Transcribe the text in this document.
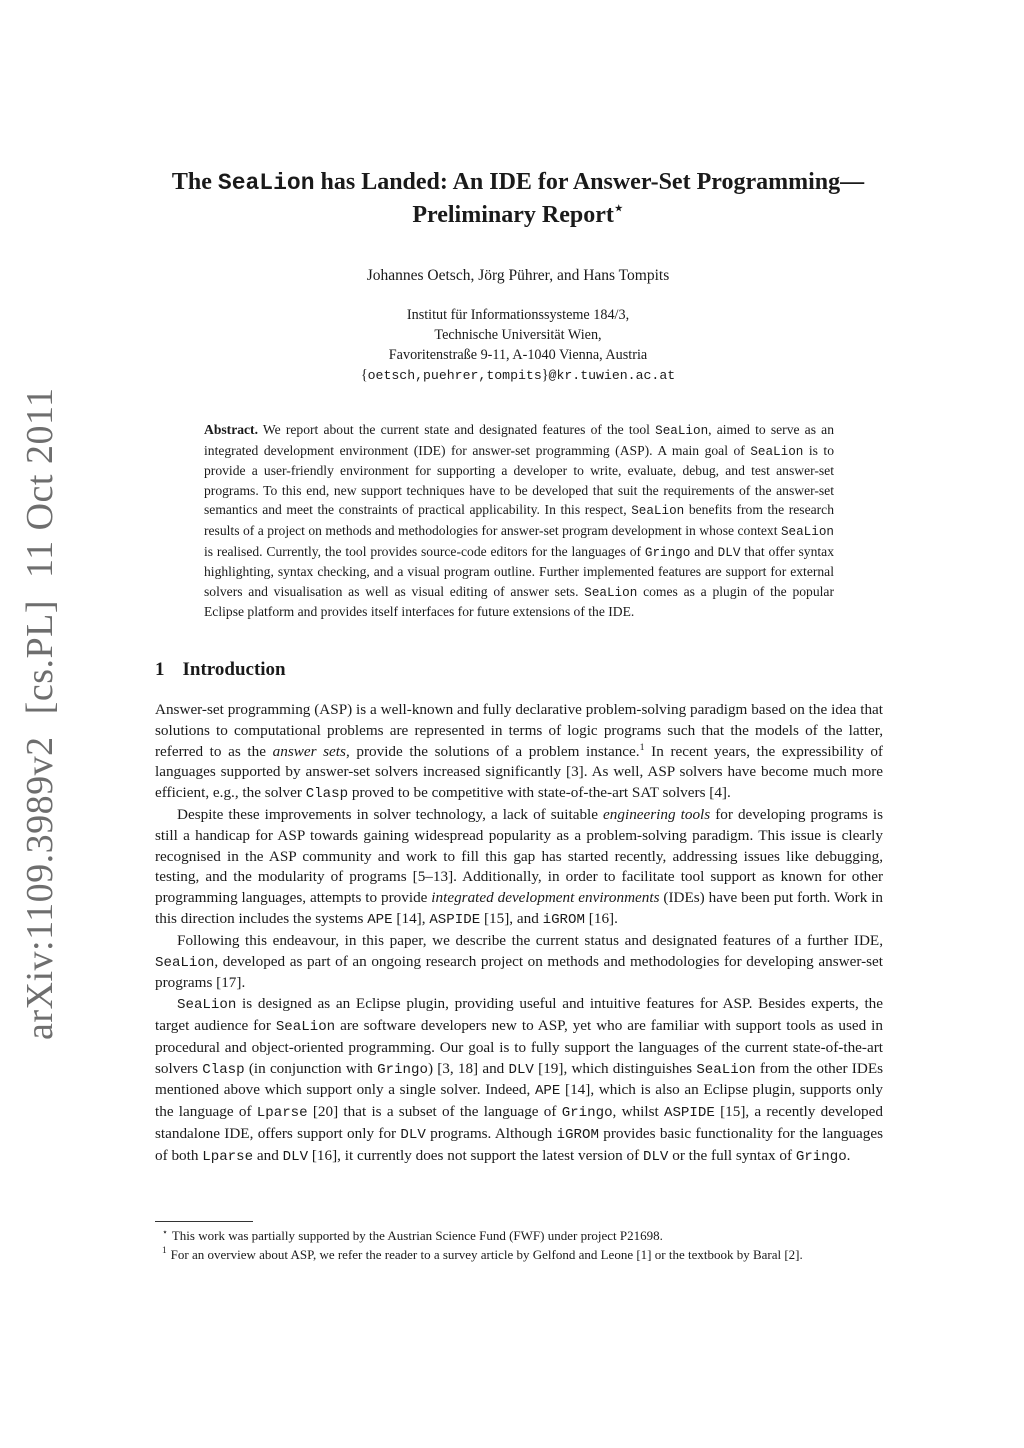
arXiv:1109.3989v2[cs.PL]11 Oct 2011
The SeaLion has Landed: An IDE for Answer-Set Programming—Preliminary Report⋆
Johannes Oetsch, Jörg Pührer, and Hans Tompits
Institut für Informationssysteme 184/3,
Technische Universität Wien,
Favoritenstraße 9-11, A-1040 Vienna, Austria
{oetsch,puehrer,tompits}@kr.tuwien.ac.at
Abstract. We report about the current state and designated features of the tool SeaLion, aimed to serve as an integrated development environment (IDE) for answer-set programming (ASP). A main goal of SeaLion is to provide a user-friendly environment for supporting a developer to write, evaluate, debug, and test answer-set programs. To this end, new support techniques have to be developed that suit the requirements of the answer-set semantics and meet the constraints of practical applicability. In this respect, SeaLion benefits from the research results of a project on methods and methodologies for answer-set program development in whose context SeaLion is realised. Currently, the tool provides source-code editors for the languages of Gringo and DLV that offer syntax highlighting, syntax checking, and a visual program outline. Further implemented features are support for external solvers and visualisation as well as visual editing of answer sets. SeaLion comes as a plugin of the popular Eclipse platform and provides itself interfaces for future extensions of the IDE.
1 Introduction

Answer-set programming (ASP) is a well-known and fully declarative problem-solving paradigm based on the idea that solutions to computational problems are represented in terms of logic programs such that the models of the latter, referred to as the answer sets, provide the solutions of a problem instance.$^1$ In recent years, the expressibility of languages supported by answer-set solvers increased significantly [3]. As well, ASP solvers have become much more efficient, e.g., the solver Clasp proved to be competitive with state-of-the-art SAT solvers [4].

Despite these improvements in solver technology, a lack of suitable engineering tools for developing programs is still a handicap for ASP towards gaining widespread popularity as a problem-solving paradigm. This issue is clearly recognised in the ASP community and work to fill this gap has started recently, addressing issues like debugging, testing, and the modularity of programs [5–13]. Additionally, in order to facilitate tool support as known for other programming languages, attempts to provide integrated development environments (IDEs) have been put forth. Work in this direction includes the systems APE [14], ASPIDE [15], and iGROM [16].

Following this endeavour, in this paper, we describe the current status and designated features of a further IDE, SeaLion, developed as part of an ongoing research project on methods and methodologies for developing answer-set programs [17].

SeaLion is designed as an Eclipse plugin, providing useful and intuitive features for ASP. Besides experts, the target audience for SeaLion are software developers new to ASP, yet who are familiar with support tools as used in procedural and object-oriented programming. Our goal is to fully support the languages of the current state-of-the-art solvers Clasp (in conjunction with Gringo) [3, 18] and DLV [19], which distinguishes SeaLion from the other IDEs mentioned above which support only a single solver. Indeed, APE [14], which is also an Eclipse plugin, supports only the language of Lparse [20] that is a subset of the language of Gringo, whilst ASPIDE [15], a recently developed standalone IDE, offers support only for DLV programs. Although iGROM provides basic functionality for the languages of both Lparse and DLV [16], it currently does not support the latest version of DLV or the full syntax of Gringo.

⋆ This work was partially supported by the Austrian Science Fund (FWF) under project P21698.

$^1$ For an overview about ASP, we refer the reader to a survey article by Gelfond and Leone [1] or the textbook by Baral [2].
